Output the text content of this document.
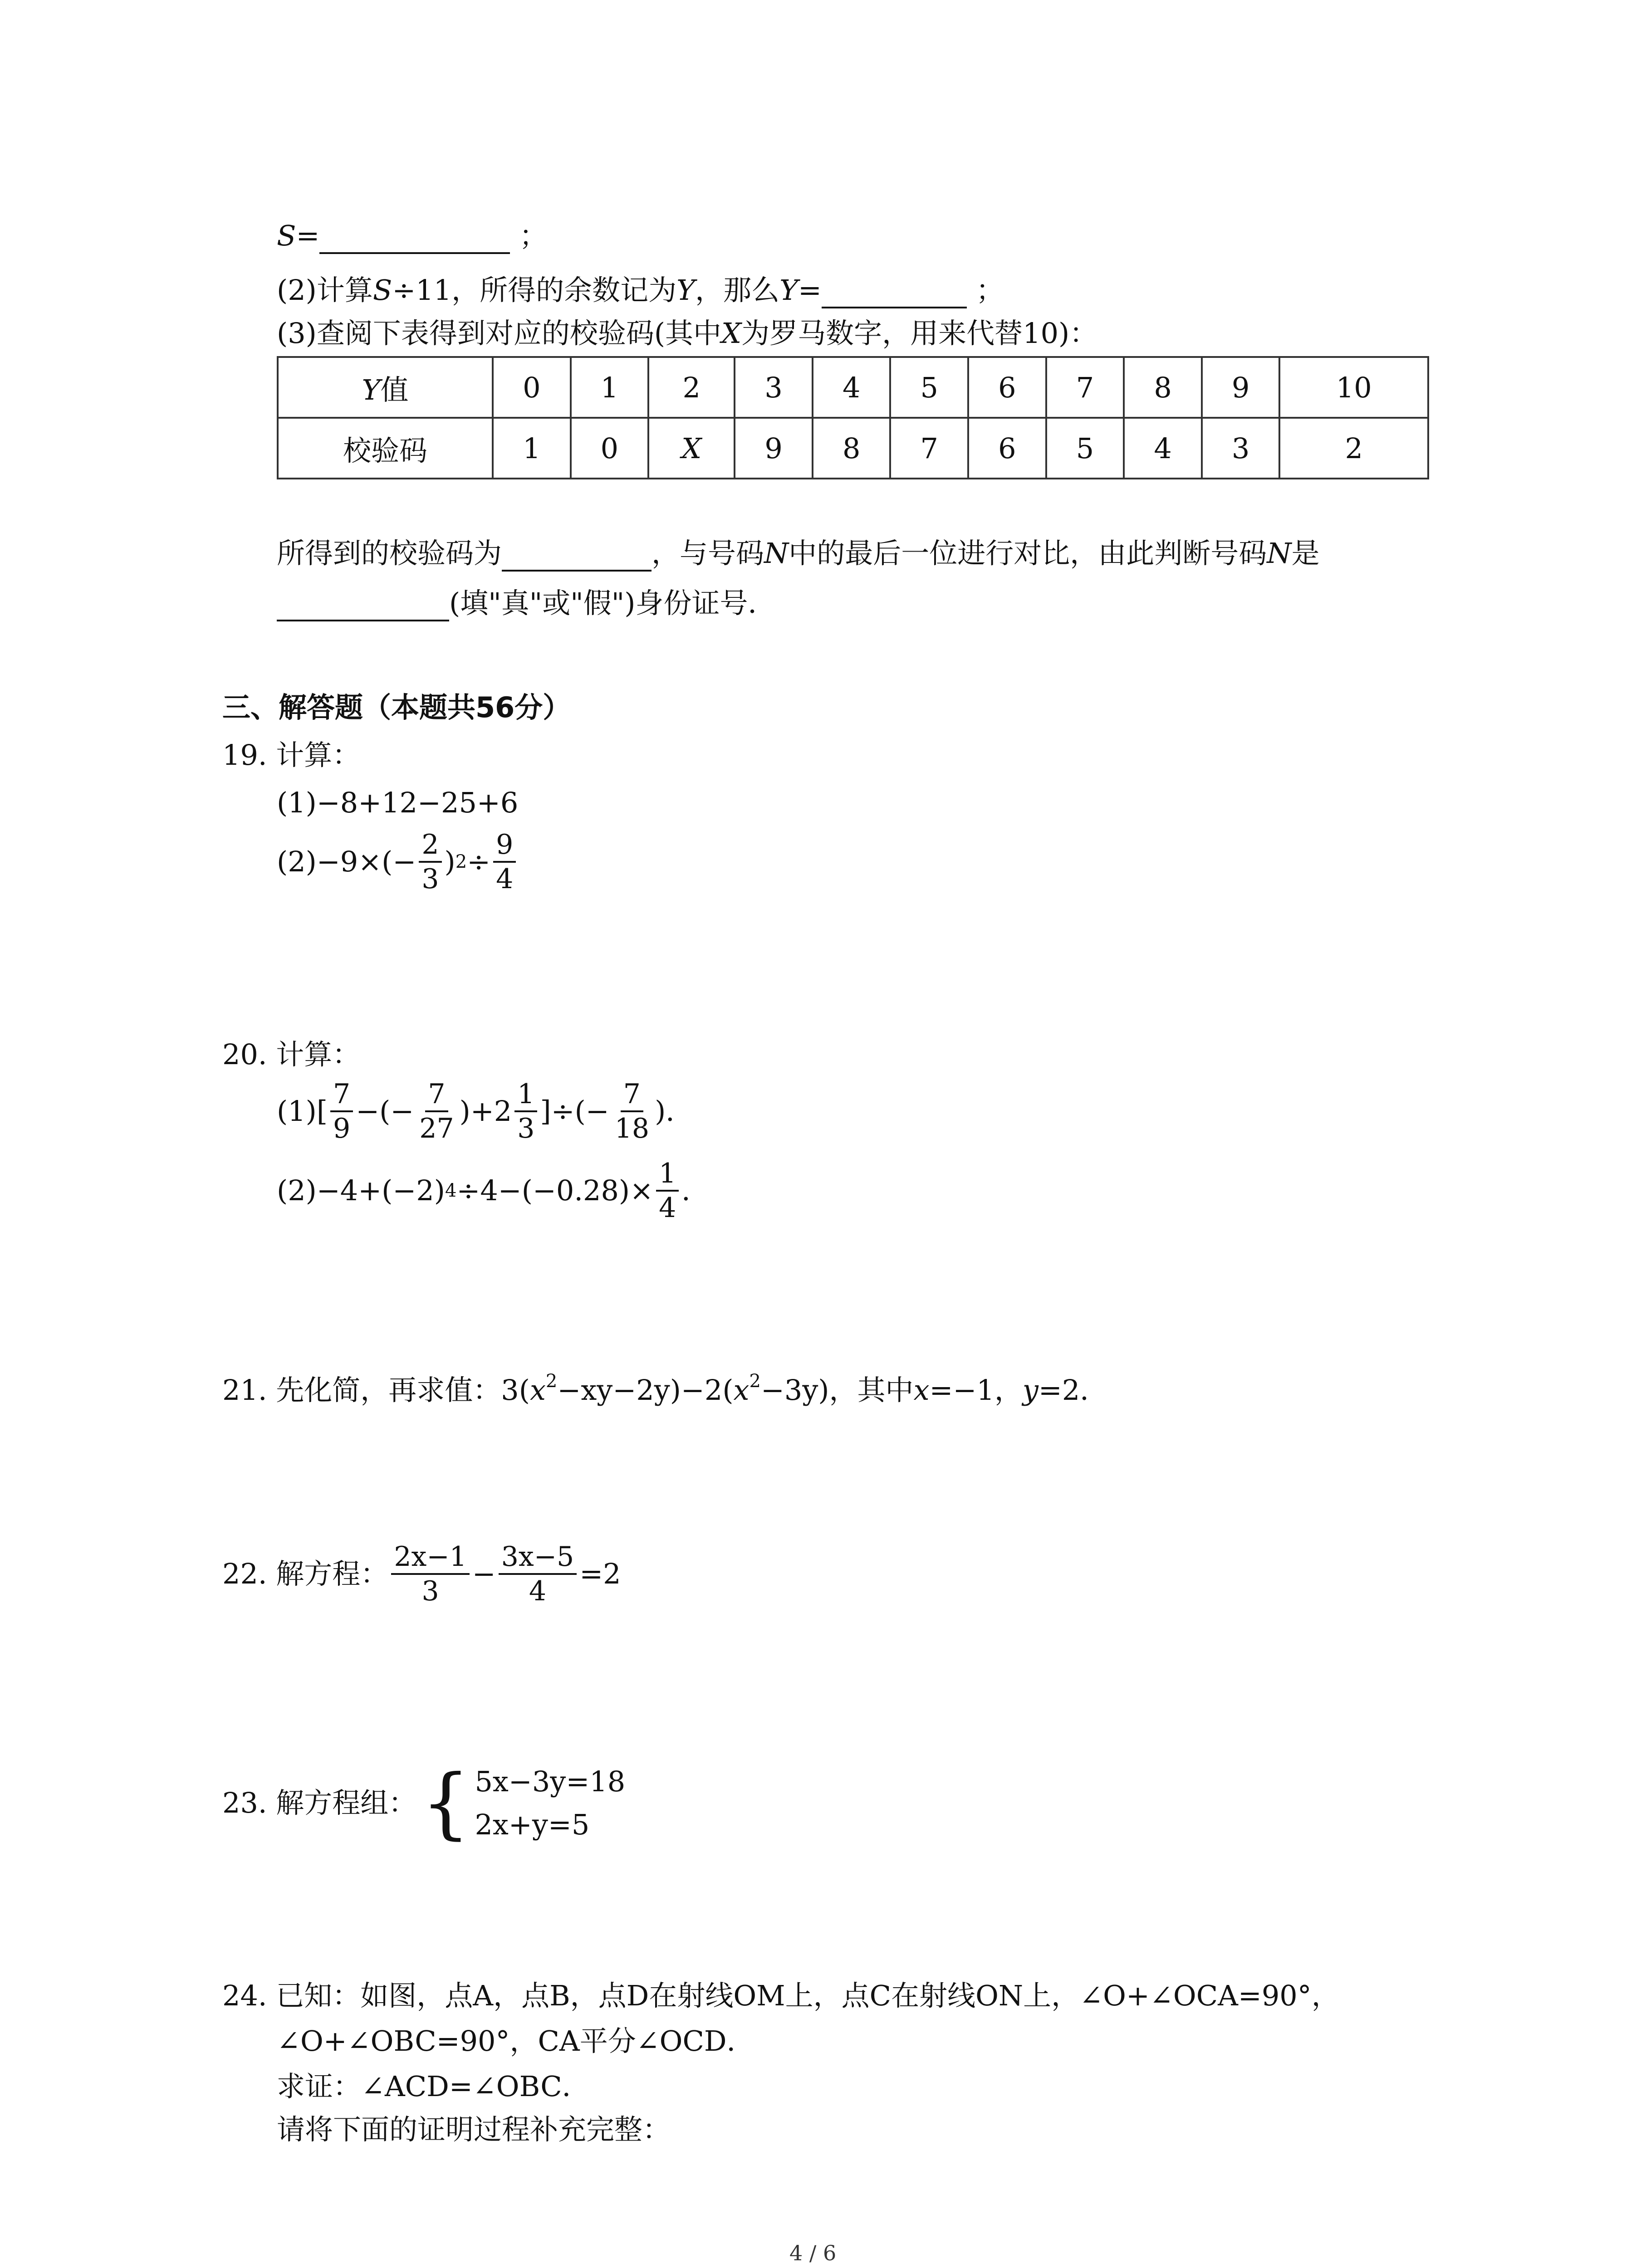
S=	；
(2)计算S÷11，所得的余数记为Y，那么Y=	；
(3)查阅下表得到对应的校验码(其中X为罗马数字，用来代替10)：
Y值	0	1	2	3	4	5	6	7	8	9	10
校验码	1	0	X	9	8	7	6	5	4	3	2
所得到的校验码为	，与号码N中的最后一位进行对比，由此判断号码N是
(填"真"或"假")身份证号．
三、解答题（本题共56分）
19. 计算：
(1)−8+12−25+6
$(2)-9\times(- \frac{2}{3}$ ) $2 \div \frac{9}{4}$
20. 计算：
$(1)[ \frac{7}{9}$ −(− $\frac{7}{27} )+2 \frac{1}{3}$ ]÷(− $\frac{7}{18}$ )．
(2)−4+(−2) $4 \div 4-(-0.28)\times \frac{1}{4}$ ．
21. 先化简，再求值：$3(x^2-xy-2y)-2(x^2-3y)$，其中x=−1，y=2．
22. 解方程： $\frac{2x-1}{3} - \frac{3x-5}{4} =2$
23. 解方程组： { 5x−3y=18
2x+y=5
24. 已知：如图，点A，点B，点D在射线OM上，点C在射线ON上，∠O+∠OCA=90°，
∠O+∠OBC=90°，CA平分∠OCD．
求证：∠ACD=∠OBC．
请将下面的证明过程补充完整：
4 / 6
